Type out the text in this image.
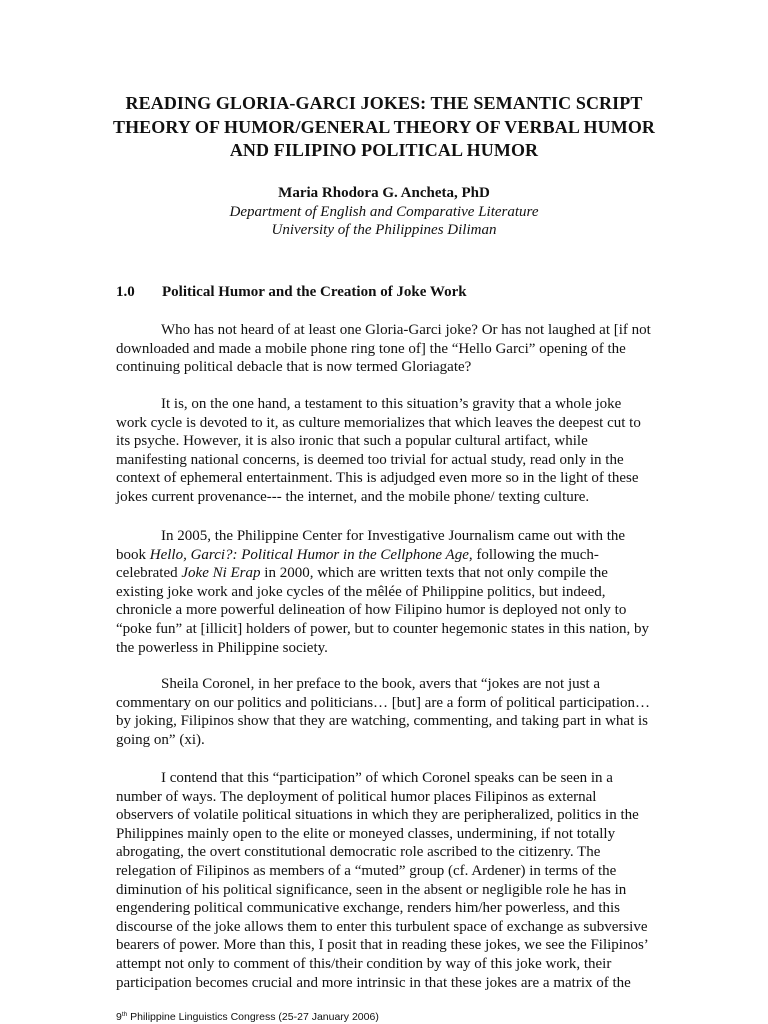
READING GLORIA-GARCI JOKES: THE SEMANTIC SCRIPT
THEORY OF HUMOR/GENERAL THEORY OF VERBAL HUMOR
AND FILIPINO POLITICAL HUMOR
Maria Rhodora G. Ancheta, PhD
Department of English and Comparative Literature
University of the Philippines Diliman
1.0 Political Humor and the Creation of Joke Work

Who has not heard of at least one Gloria-Garci joke? Or has not laughed at [if not
downloaded and made a mobile phone ring tone of] the “Hello Garci” opening of the
continuing political debacle that is now termed Gloriagate?

It is, on the one hand, a testament to this situation’s gravity that a whole joke
work cycle is devoted to it, as culture memorializes that which leaves the deepest cut to
its psyche. However, it is also ironic that such a popular cultural artifact, while
manifesting national concerns, is deemed too trivial for actual study, read only in the
context of ephemeral entertainment. This is adjudged even more so in the light of these
jokes current provenance--- the internet, and the mobile phone/ texting culture.

In 2005, the Philippine Center for Investigative Journalism came out with the
book Hello, Garci?: Political Humor in the Cellphone Age, following the much-
celebrated Joke Ni Erap in 2000, which are written texts that not only compile the
existing joke work and joke cycles of the mêlée of Philippine politics, but indeed,
chronicle a more powerful delineation of how Filipino humor is deployed not only to
“poke fun” at [illicit] holders of power, but to counter hegemonic states in this nation, by
the powerless in Philippine society.

Sheila Coronel, in her preface to the book, avers that “jokes are not just a
commentary on our politics and politicians… [but] are a form of political participation…
by joking, Filipinos show that they are watching, commenting, and taking part in what is
going on” (xi).

I contend that this “participation” of which Coronel speaks can be seen in a
number of ways. The deployment of political humor places Filipinos as external
observers of volatile political situations in which they are peripheralized, politics in the
Philippines mainly open to the elite or moneyed classes, undermining, if not totally
abrogating, the overt constitutional democratic role ascribed to the citizenry. The
relegation of Filipinos as members of a “muted” group (cf. Ardener) in terms of the
diminution of his political significance, seen in the absent or negligible role he has in
engendering political communicative exchange, renders him/her powerless, and this
discourse of the joke allows them to enter this turbulent space of exchange as subversive
bearers of power. More than this, I posit that in reading these jokes, we see the Filipinos’
attempt not only to comment of this/their condition by way of this joke work, their
participation becomes crucial and more intrinsic in that these jokes are a matrix of the

9th Philippine Linguistics Congress (25-27 January 2006)
